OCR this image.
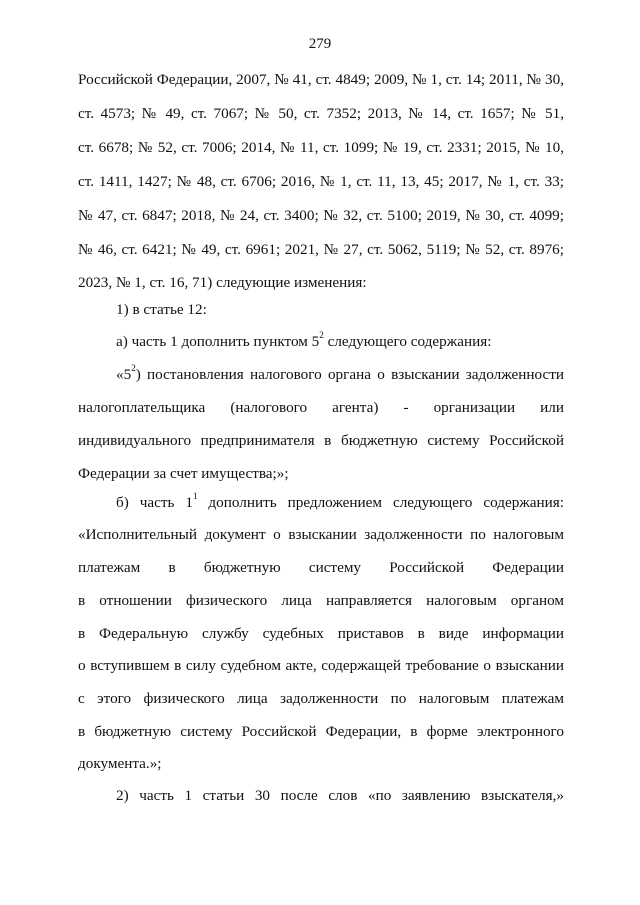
279
Российской Федерации, 2007, № 41, ст. 4849; 2009, № 1, ст. 14; 2011, № 30,
ст. 4573; № 49, ст. 7067; № 50, ст. 7352; 2013, № 14, ст. 1657; № 51,
ст. 6678; № 52, ст. 7006; 2014, № 11, ст. 1099; № 19, ст. 2331; 2015, № 10,
ст. 1411, 1427; № 48, ст. 6706; 2016, № 1, ст. 11, 13, 45; 2017, № 1, ст. 33;
№ 47, ст. 6847; 2018, № 24, ст. 3400; № 32, ст. 5100; 2019, № 30, ст. 4099;
№ 46, ст. 6421; № 49, ст. 6961; 2021, № 27, ст. 5062, 5119; № 52, ст. 8976;
2023, № 1, ст. 16, 71) следующие изменения:
1) в статье 12:
а) часть 1 дополнить пунктом $5^2$ следующего содержания:
«$5^2$) постановления налогового органа о взыскании задолженности
налогоплательщика (налогового агента) - организации или
индивидуального предпринимателя в бюджетную систему Российской
Федерации за счет имущества;»;
б) часть $1^1$ дополнить предложением следующего содержания:
«Исполнительный документ о взыскании задолженности по налоговым
платежам в бюджетную систему Российской Федерации
в отношении физического лица направляется налоговым органом
в Федеральную службу судебных приставов в виде информации
о вступившем в силу судебном акте, содержащей требование о взыскании
с этого физического лица задолженности по налоговым платежам
в бюджетную систему Российской Федерации, в форме электронного
документа.»;
2) часть 1 статьи 30 после слов «по заявлению взыскателя,»
